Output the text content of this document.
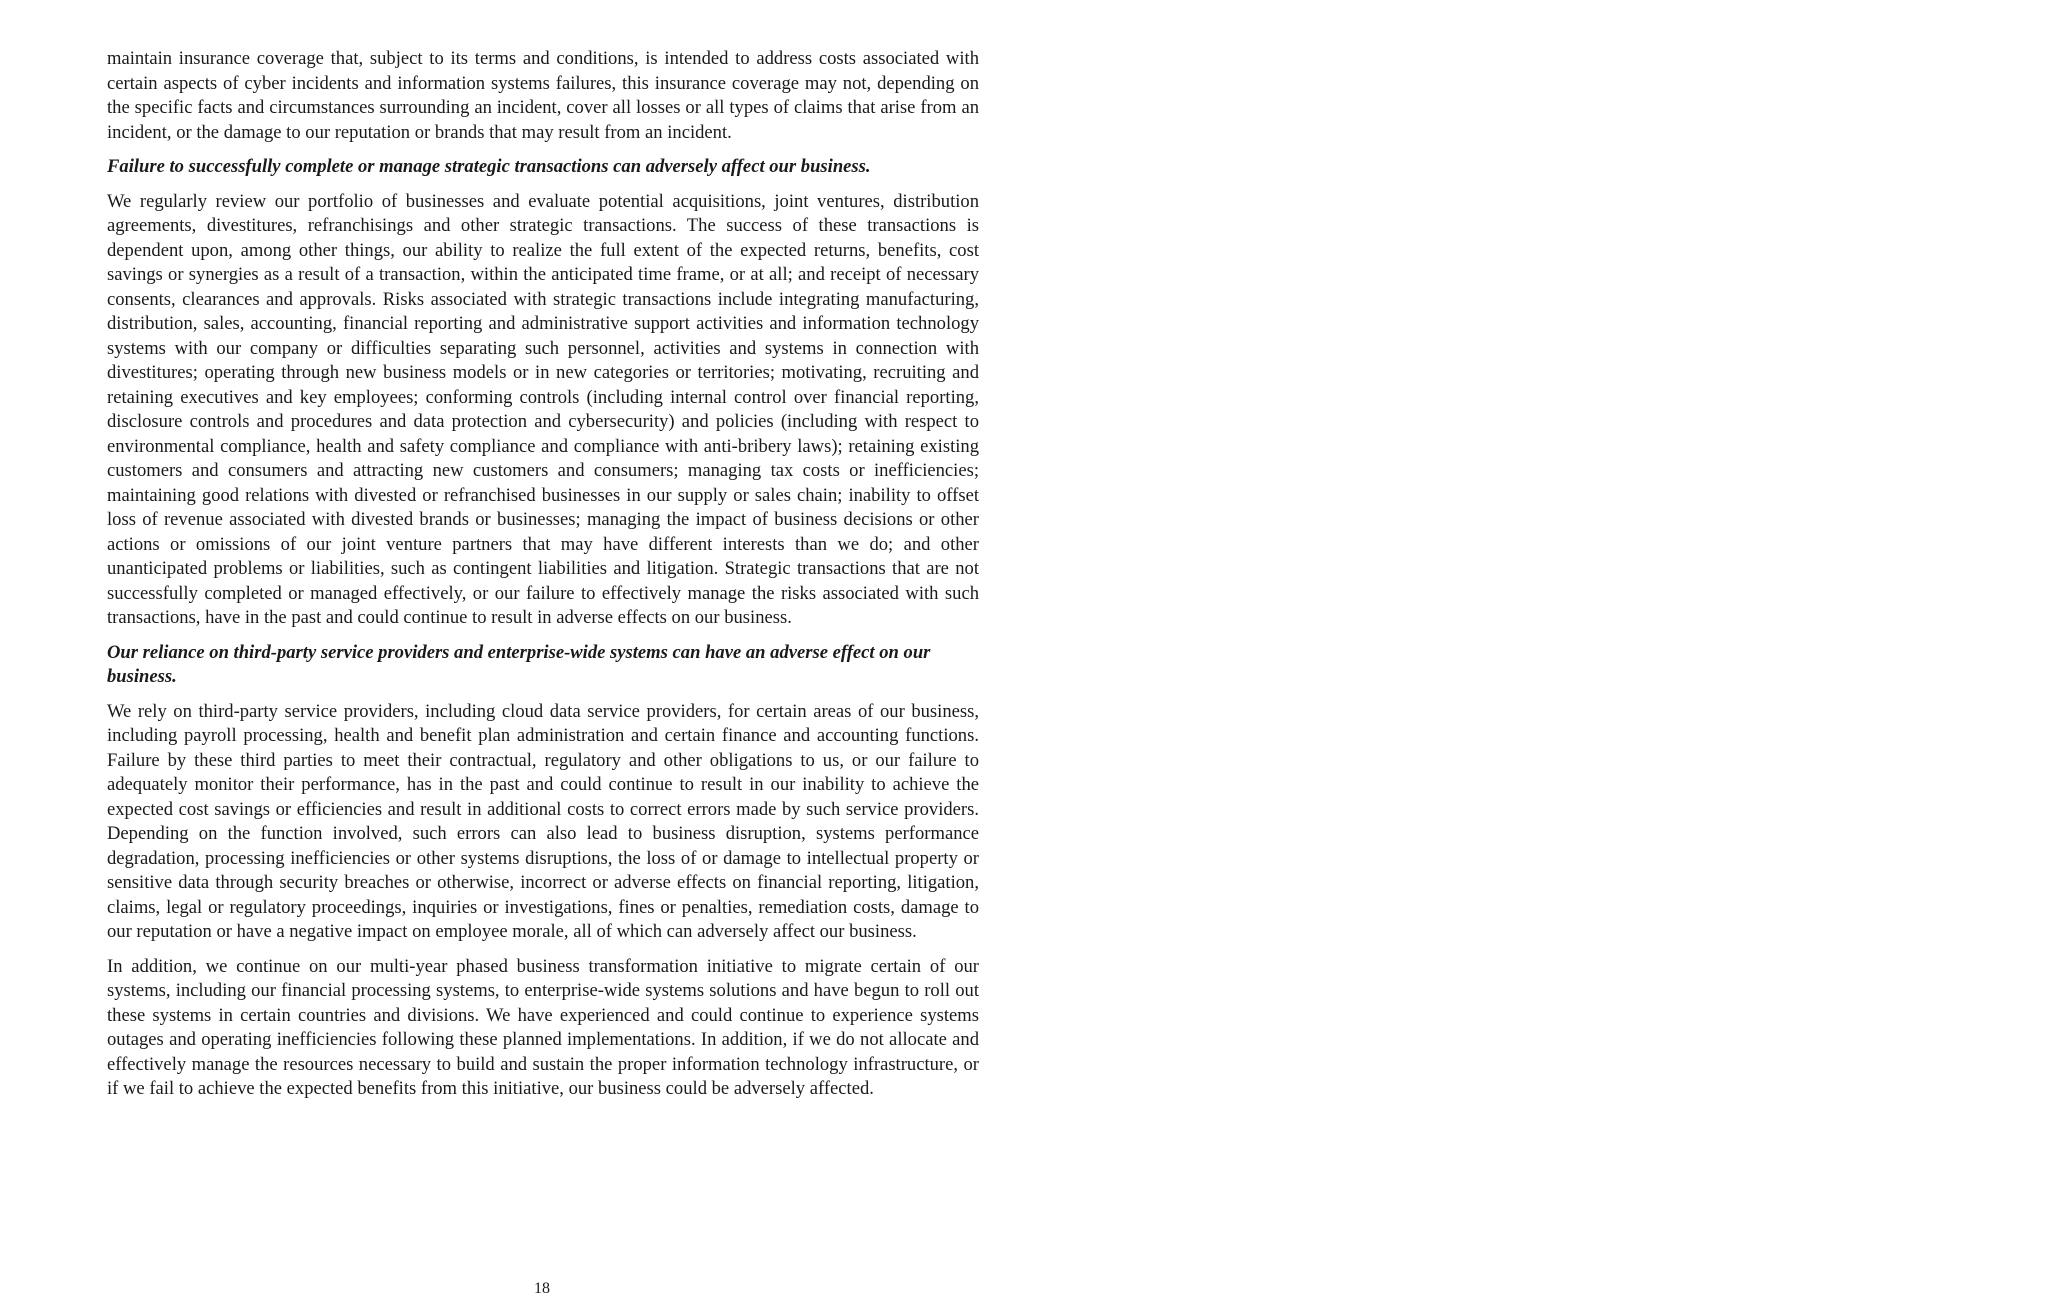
maintain insurance coverage that, subject to its terms and conditions, is intended to address costs associated with certain aspects of cyber incidents and information systems failures, this insurance coverage may not, depending on the specific facts and circumstances surrounding an incident, cover all losses or all types of claims that arise from an incident, or the damage to our reputation or brands that may result from an incident.

Failure to successfully complete or manage strategic transactions can adversely affect our business.

We regularly review our portfolio of businesses and evaluate potential acquisitions, joint ventures, distribution agreements, divestitures, refranchisings and other strategic transactions. The success of these transactions is dependent upon, among other things, our ability to realize the full extent of the expected returns, benefits, cost savings or synergies as a result of a transaction, within the anticipated time frame, or at all; and receipt of necessary consents, clearances and approvals. Risks associated with strategic transactions include integrating manufacturing, distribution, sales, accounting, financial reporting and administrative support activities and information technology systems with our company or difficulties separating such personnel, activities and systems in connection with divestitures; operating through new business models or in new categories or territories; motivating, recruiting and retaining executives and key employees; conforming controls (including internal control over financial reporting, disclosure controls and procedures and data protection and cybersecurity) and policies (including with respect to environmental compliance, health and safety compliance and compliance with anti-bribery laws); retaining existing customers and consumers and attracting new customers and consumers; managing tax costs or inefficiencies; maintaining good relations with divested or refranchised businesses in our supply or sales chain; inability to offset loss of revenue associated with divested brands or businesses; managing the impact of business decisions or other actions or omissions of our joint venture partners that may have different interests than we do; and other unanticipated problems or liabilities, such as contingent liabilities and litigation. Strategic transactions that are not successfully completed or managed effectively, or our failure to effectively manage the risks associated with such transactions, have in the past and could continue to result in adverse effects on our business.

Our reliance on third-party service providers and enterprise-wide systems can have an adverse effect on our business.

We rely on third-party service providers, including cloud data service providers, for certain areas of our business, including payroll processing, health and benefit plan administration and certain finance and accounting functions. Failure by these third parties to meet their contractual, regulatory and other obligations to us, or our failure to adequately monitor their performance, has in the past and could continue to result in our inability to achieve the expected cost savings or efficiencies and result in additional costs to correct errors made by such service providers. Depending on the function involved, such errors can also lead to business disruption, systems performance degradation, processing inefficiencies or other systems disruptions, the loss of or damage to intellectual property or sensitive data through security breaches or otherwise, incorrect or adverse effects on financial reporting, litigation, claims, legal or regulatory proceedings, inquiries or investigations, fines or penalties, remediation costs, damage to our reputation or have a negative impact on employee morale, all of which can adversely affect our business.

In addition, we continue on our multi-year phased business transformation initiative to migrate certain of our systems, including our financial processing systems, to enterprise-wide systems solutions and have begun to roll out these systems in certain countries and divisions. We have experienced and could continue to experience systems outages and operating inefficiencies following these planned implementations. In addition, if we do not allocate and effectively manage the resources necessary to build and sustain the proper information technology infrastructure, or if we fail to achieve the expected benefits from this initiative, our business could be adversely affected.

18
